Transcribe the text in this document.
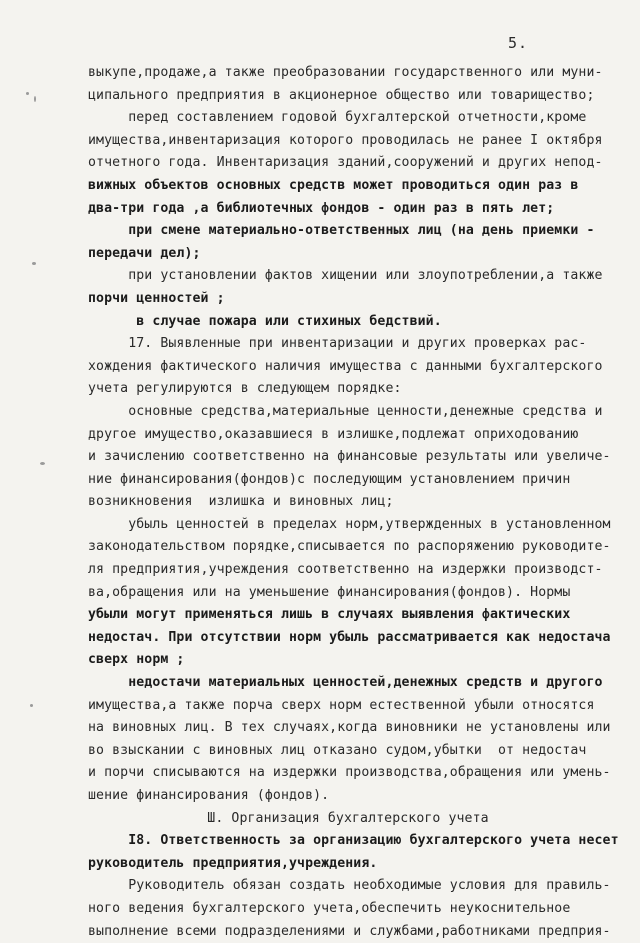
5.
выкупе,продаже,а также преобразовании государственного или муни-
ципального предприятия в акционерное общество или товарищество;
перед составлением годовой бухгалтерской отчетности,кроме
имущества,инвентаризация которого проводилась не ранее I октября
отчетного года. Инвентаризация зданий,сооружений и других непод-
вижных объектов основных средств может проводиться один раз в
два-три года ,а библиотечных фондов - один раз в пять лет;
при смене материально-ответственных лиц (на день приемки -
передачи дел);
при установлении фактов хищении или злоупотреблении,а также
порчи ценностей ;
в случае пожара или стихиных бедствий.
17. Выявленные при инвентаризации и других проверках рас-
хождения фактического наличия имущества с данными бухгалтерского
учета регулируются в следующем порядке:
основные средства,материальные ценности,денежные средства и
другое имущество,оказавшиеся в излишке,подлежат оприходованию
и зачислению соответственно на финансовые результаты или увеличе-
ние финансирования(фондов)с последующим установлением причин
возникновения  излишка и виновных лиц;
убыль ценностей в пределах норм,утвержденных в установленном
законодательством порядке,списывается по распоряжению руководите-
ля предприятия,учреждения соответственно на издержки производст-
ва,обращения или на уменьшение финансирования(фондов). Нормы
убыли могут применяться лишь в случаях выявления фактических
недостач. При отсутствии норм убыль рассматривается как недостача
сверх норм ;
недостачи материальных ценностей,денежных средств и другого
имущества,а также порча сверх норм естественной убыли относятся
на виновных лиц. В тех случаях,когда виновники не установлены или
во взыскании с виновных лиц отказано судом,убытки  от недостач
и порчи списываются на издержки производства,обращения или умень-
шение финансирования (фондов).
Ш. Организация бухгалтерского учета
I8. Ответственность за организацию бухгалтерского учета несет
руководитель предприятия,учреждения.
Руководитель обязан создать необходимые условия для правиль-
ного ведения бухгалтерского учета,обеспечить неукоснительное
выполнение всеми подразделениями и службами,работниками предприя-
